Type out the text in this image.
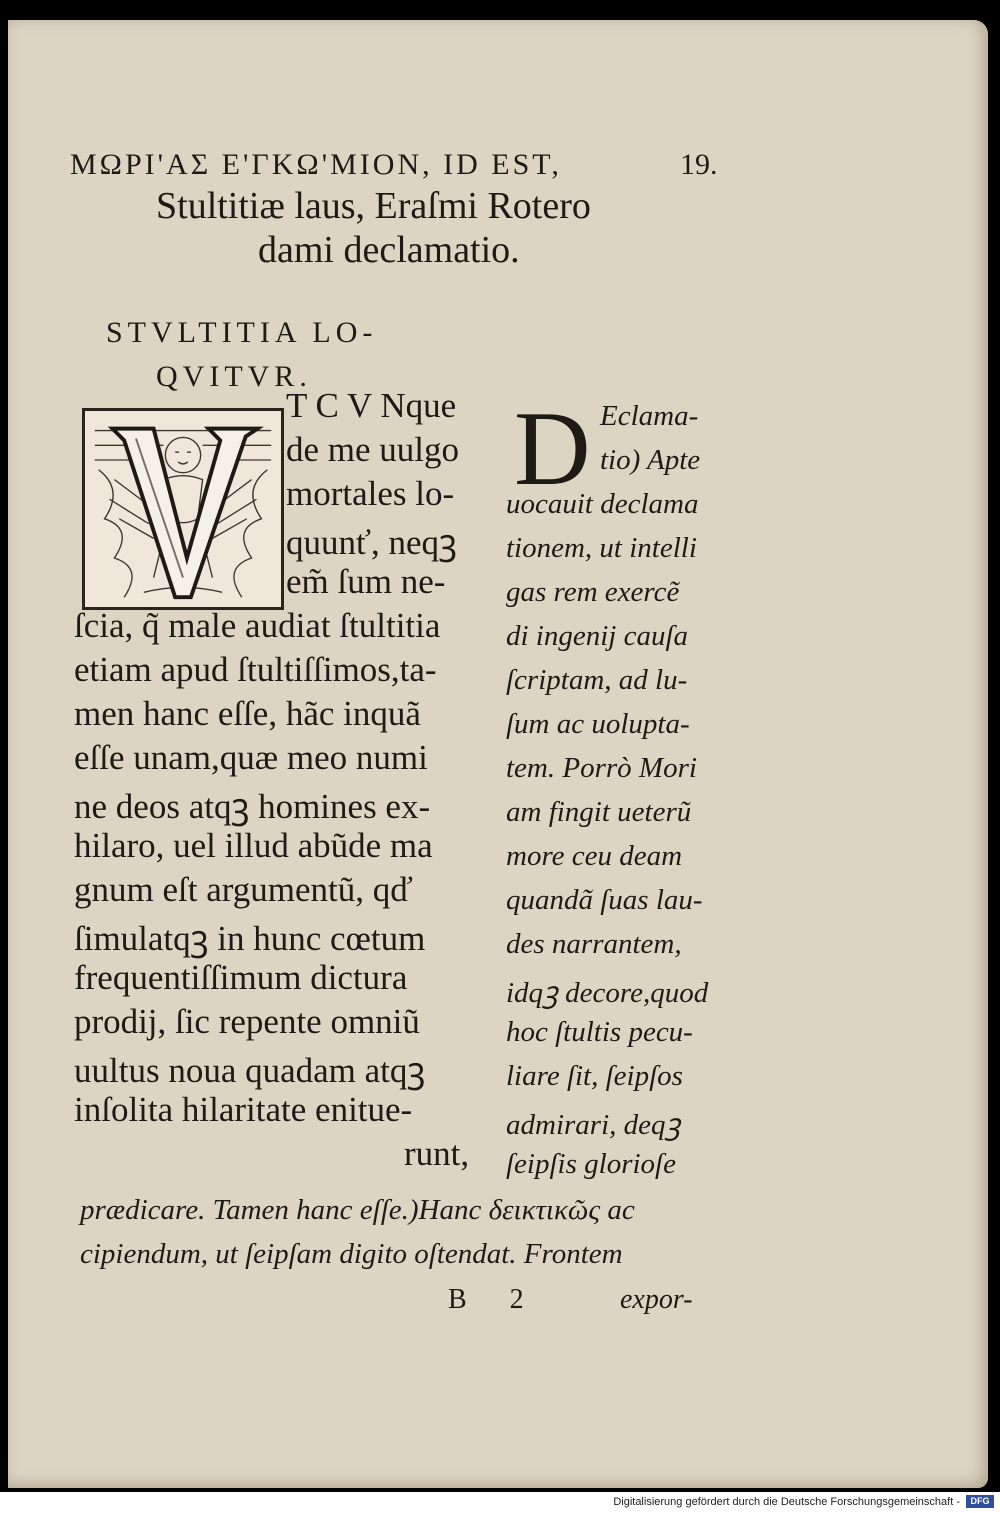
ΜΩΡΙ'ΑΣ Ε'ΓΚΩ'ΜΙΟΝ, ID EST,	19.
Stultitiæ laus, Eraſmi Rotero
dami declamatio.
STVLTITIA LO-
QVITVR.
D
T C V Nque
de me uulgo
mortales lo-
quunť, neqꝫ
em̃ ſum ne-
ſcia, q̃ male audiat ſtultitia
etiam apud ſtultiſſimos,ta-
men hanc eſſe, hãc inquã
eſſe unam,quæ meo numi
ne deos atqꝫ homines ex-
hilaro, uel illud abũde ma
gnum eſt argumentũ, qď
ſimulatqꝫ in hunc cœtum
frequentiſſimum dictura
prodĳ, ſic repente omniũ
uultus noua quadam atqꝫ
inſolita hilaritate enitue-
runt,
Eclama-
tio) Apte
uocauit declama
tionem, ut intelli
gas rem exercẽ
di ingenij cauſa
ſcriptam, ad lu-
ſum ac uolupta-
tem. Porrò Mori
am fingit ueterũ
more ceu deam
quandã ſuas lau-
des narrantem,
idqꝫ decore,quod
hoc ſtultis pecu-
liare ſit, ſeipſos
admirari, deqꝫ
ſeipſis glorioſe
prædicare. Tamen hanc eſſe.)Hanc δεικτικῶς ac
cipiendum, ut ſeipſam digito oſtendat. Frontem
B 2	expor-
Digitalisierung gefördert durch die Deutsche Forschungsgemeinschaft -	DFG
